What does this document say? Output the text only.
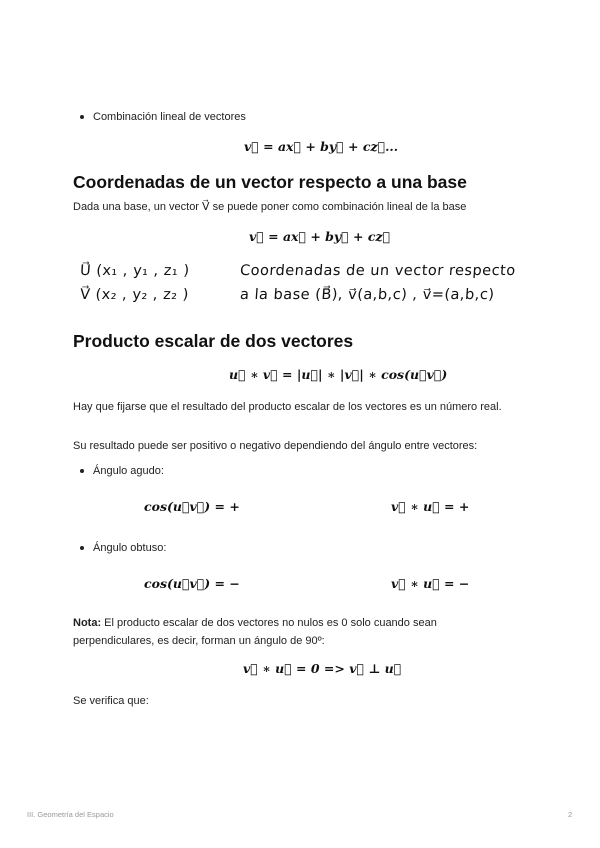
Combinación lineal de vectores
v⃗ = ax⃗ + by⃗ + cz⃗...
Coordenadas de un vector respecto a una base
Dada una base, un vector V⃗ se puede poner como combinación lineal de la base
v⃗ = ax⃗ + by⃗ + cz⃗
U⃗ (x₁ , y₁ , z₁ )	Coordenadas de un vector respecto
V⃗ (x₂ , y₂ , z₂ )	a la base (B⃗), v⃗(a,b,c) , v⃗=(a,b,c)
Producto escalar de dos vectores
u⃗ ∗ v⃗ = |u⃗| ∗ |v⃗| ∗ cos(u⃗v⃗)
Hay que fijarse que el resultado del producto escalar de los vectores es un número real.
Su resultado puede ser positivo o negativo dependiendo del ángulo entre vectores:
Ángulo agudo:
cos(u⃗v⃗) = +	v⃗ ∗ u⃗ = +
Ángulo obtuso:
cos(u⃗v⃗) = −	v⃗ ∗ u⃗ = −
Nota: El producto escalar de dos vectores no nulos es 0 solo cuando sean perpendiculares, es decir, forman un ángulo de 90º:
v⃗ ∗ u⃗ = 0 => v⃗ ⊥ u⃗
Se verifica que:
III. Geometría del Espacio	2
